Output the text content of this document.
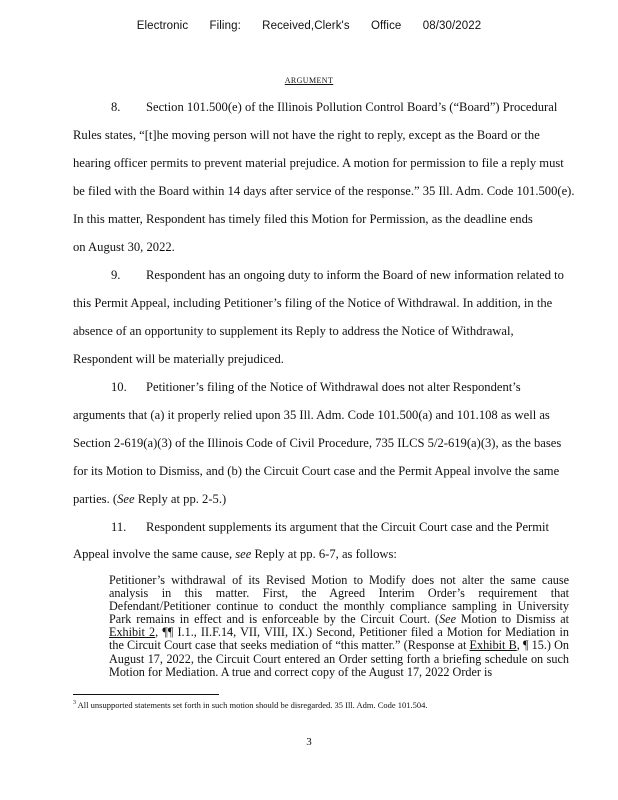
Electronic Filing: Received,Clerk's Office 08/30/2022
ARGUMENT
8. Section 101.500(e) of the Illinois Pollution Control Board’s (“Board”) Procedural
Rules states, “[t]he moving person will not have the right to reply, except as the Board or the
hearing officer permits to prevent material prejudice. A motion for permission to file a reply must
be filed with the Board within 14 days after service of the response.” 35 Ill. Adm. Code 101.500(e).
In this matter, Respondent has timely filed this Motion for Permission, as the deadline ends
on August 30, 2022.
9. Respondent has an ongoing duty to inform the Board of new information related to
this Permit Appeal, including Petitioner’s filing of the Notice of Withdrawal. In addition, in the
absence of an opportunity to supplement its Reply to address the Notice of Withdrawal,
Respondent will be materially prejudiced.
10. Petitioner’s filing of the Notice of Withdrawal does not alter Respondent’s
arguments that (a) it properly relied upon 35 Ill. Adm. Code 101.500(a) and 101.108 as well as
Section 2-619(a)(3) of the Illinois Code of Civil Procedure, 735 ILCS 5/2-619(a)(3), as the bases
for its Motion to Dismiss, and (b) the Circuit Court case and the Permit Appeal involve the same
parties. (See Reply at pp. 2-5.)
11. Respondent supplements its argument that the Circuit Court case and the Permit
Appeal involve the same cause, see Reply at pp. 6-7, as follows:
Petitioner’s withdrawal of its Revised Motion to Modify does not alter the same cause analysis in this matter. First, the Agreed Interim Order’s requirement that Defendant/Petitioner continue to conduct the monthly compliance sampling in University Park remains in effect and is enforceable by the Circuit Court. (See Motion to Dismiss at Exhibit 2, ¶¶ I.1., II.F.14, VII, VIII, IX.) Second, Petitioner filed a Motion for Mediation in the Circuit Court case that seeks mediation of “this matter.” (Response at Exhibit B, ¶ 15.) On August 17, 2022, the Circuit Court entered an Order setting forth a briefing schedule on such Motion for Mediation. A true and correct copy of the August 17, 2022 Order is
$^3$ All unsupported statements set forth in such motion should be disregarded. 35 Ill. Adm. Code 101.504.
3
